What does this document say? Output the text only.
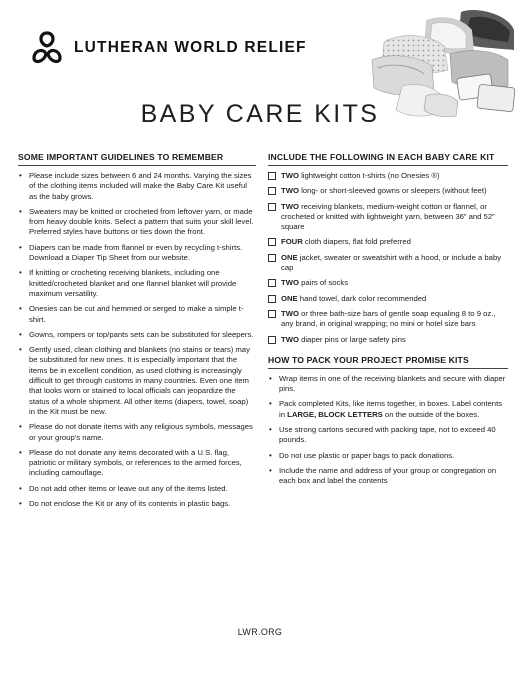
LUTHERAN WORLD RELIEF
BABY CARE KITS
SOME IMPORTANT GUIDELINES TO REMEMBER
• Please include sizes between 6 and 24 months. Varying the sizes of the clothing items included will make the Baby Care Kit useful as the baby grows.
• Sweaters may be knitted or crocheted from leftover yarn, or made from heavy double knits. Select a pattern that suits your skill level. Preferred styles have buttons or ties down the front.
• Diapers can be made from flannel or even by recycling t-shirts. Download a Diaper Tip Sheet from our website.
• If knitting or crocheting receiving blankets, including one knitted/crocheted blanket and one flannel blanket will provide maximum versatility.
• Onesies can be cut and hemmed or serged to make a simple t-shirt.
• Gowns, rompers or top/pants sets can be substituted for sleepers.
• Gently used, clean clothing and blankets (no stains or tears) may be substituted for new ones. It is especially important that the items be in excellent condition, as used clothing is increasingly difficult to get through customs in many countries. Even one item that looks worn or stained to local officials can jeopardize the status of a whole shipment. All other items (diapers, towel, soap) in the Kit must be new.
• Please do not donate items with any religious symbols, messages or your group’s name.
• Please do not donate any items decorated with a U.S. flag, patriotic or military symbols, or references to the armed forces, including camouflage.
• Do not add other items or leave out any of the items listed.
• Do not enclose the Kit or any of its contents in plastic bags.
INCLUDE THE FOLLOWING IN EACH BABY CARE KIT
TWO lightweight cotton t-shirts (no Onesies ®)
TWO long- or short-sleeved gowns or sleepers (without feet)
TWO receiving blankets, medium-weight cotton or flannel, or crocheted or knitted with lightweight yarn, between 36” and 52” square
FOUR cloth diapers, flat fold preferred
ONE jacket, sweater or sweatshirt with a hood, or include a baby cap
TWO pairs of socks
ONE hand towel, dark color recommended
TWO or three bath-size bars of gentle soap equaling 8 to 9 oz., any brand, in original wrapping; no mini or hotel size bars
TWO diaper pins or large safety pins
HOW TO PACK YOUR PROJECT PROMISE KITS
• Wrap items in one of the receiving blankets and secure with diaper pins.
• Pack completed Kits, like items together, in boxes. Label contents in LARGE, BLOCK LETTERS on the outside of the boxes.
• Use strong cartons secured with packing tape, not to exceed 40 pounds.
• Do not use plastic or paper bags to pack donations.
• Include the name and address of your group or congregation on each box and label the contents
LWR.ORG
